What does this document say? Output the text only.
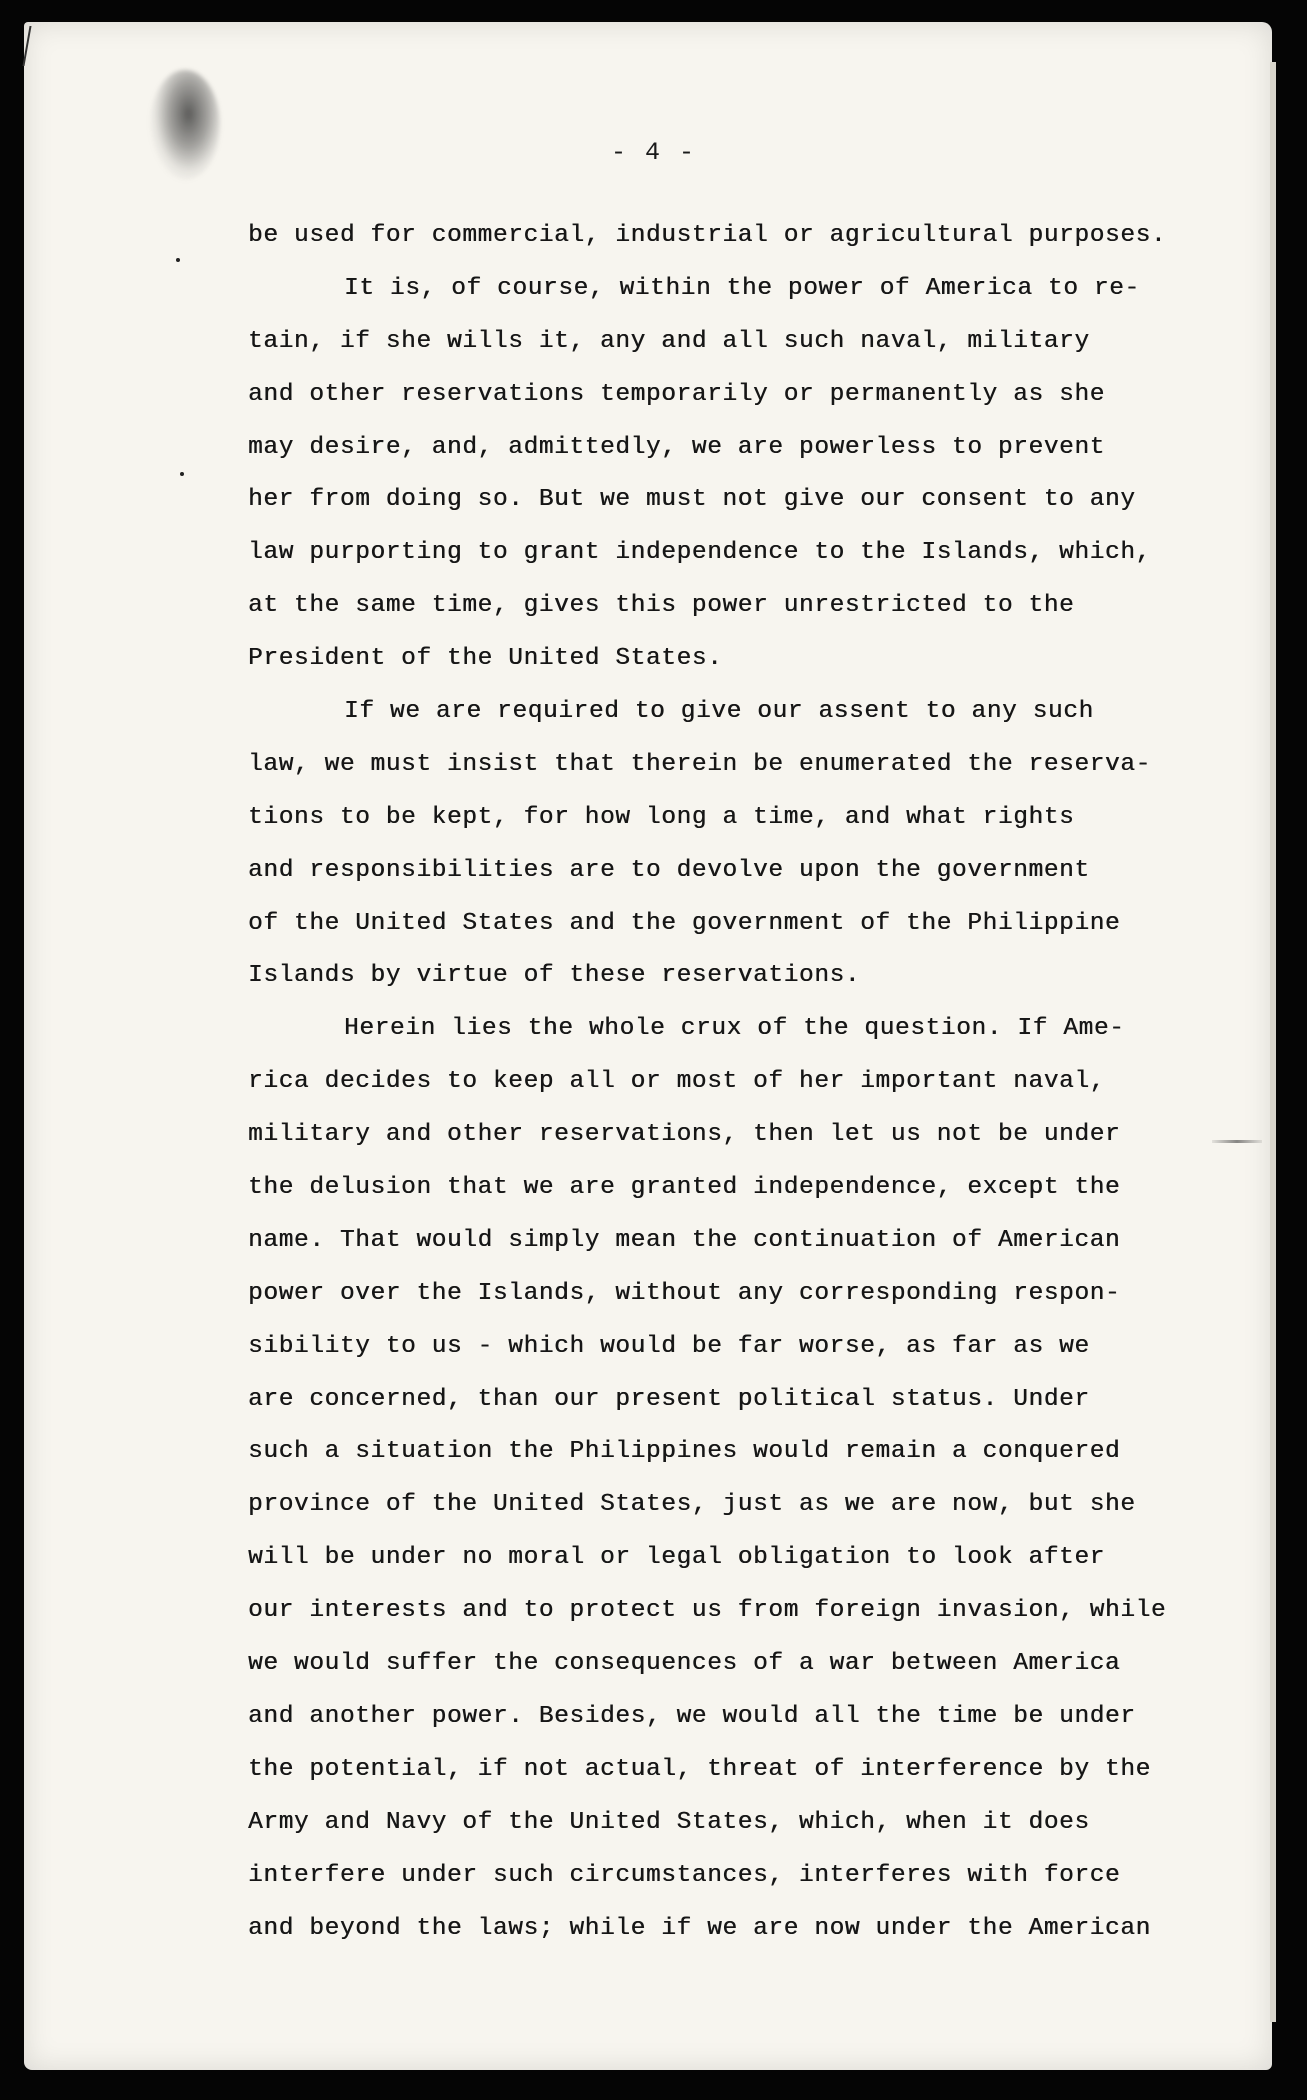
- 4 -
be used for commercial, industrial or agricultural purposes.
It is, of course, within the power of America to re-
tain, if she wills it, any and all such naval, military
and other reservations temporarily or permanently as she
may desire, and, admittedly, we are powerless to prevent
her from doing so. But we must not give our consent to any
law purporting to grant independence to the Islands, which,
at the same time, gives this power unrestricted to the
President of the United States.
If we are required to give our assent to any such
law, we must insist that therein be enumerated the reserva-
tions to be kept, for how long a time, and what rights
and responsibilities are to devolve upon the government
of the United States and the government of the Philippine
Islands by virtue of these reservations.
Herein lies the whole crux of the question. If Ame-
rica decides to keep all or most of her important naval,
military and other reservations, then let us not be under
the delusion that we are granted independence, except the
name. That would simply mean the continuation of American
power over the Islands, without any corresponding respon-
sibility to us - which would be far worse, as far as we
are concerned, than our present political status. Under
such a situation the Philippines would remain a conquered
province of the United States, just as we are now, but she
will be under no moral or legal obligation to look after
our interests and to protect us from foreign invasion, while
we would suffer the consequences of a war between America
and another power. Besides, we would all the time be under
the potential, if not actual, threat of interference by the
Army and Navy of the United States, which, when it does
interfere under such circumstances, interferes with force
and beyond the laws; while if we are now under the American
